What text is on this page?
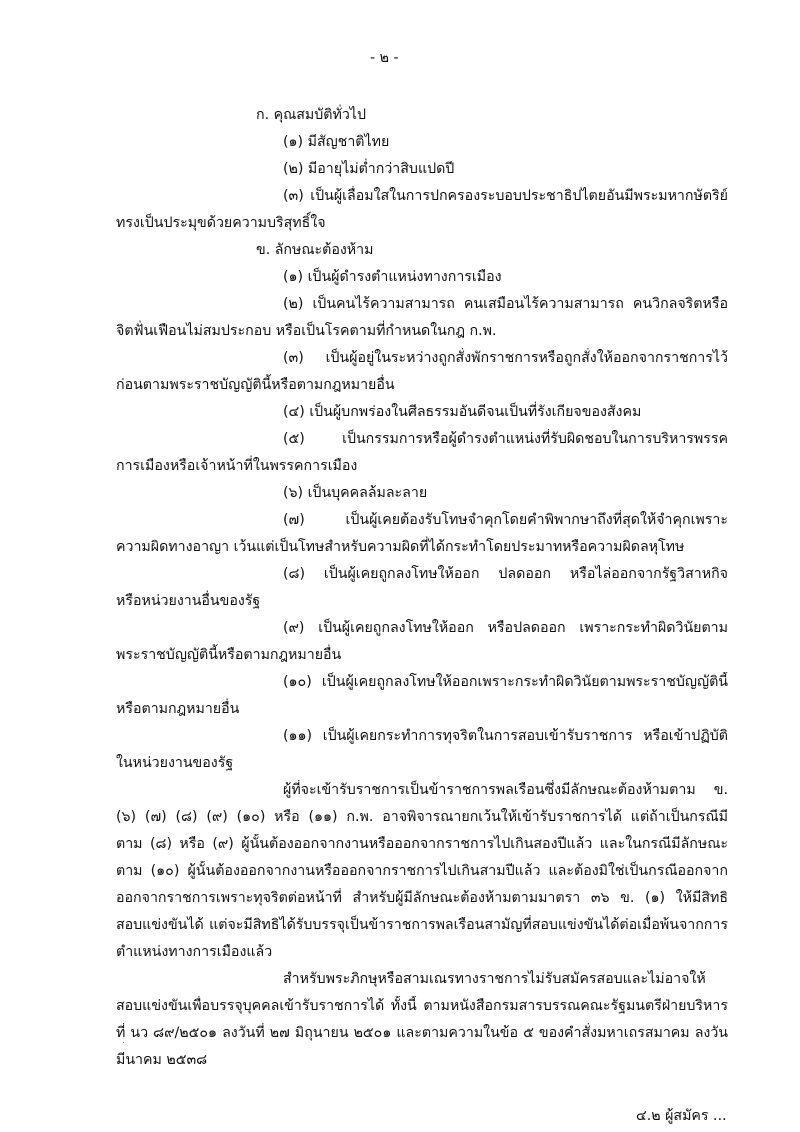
- ๒ -

ก. คุณสมบัติทั่วไป

(๑) มีสัญชาติไทย

(๒) มีอายุไม่ต่ำกว่าสิบแปดปี

(๓) เป็นผู้เลื่อมใสในการปกครองระบอบประชาธิปไตยอันมีพระมหากษัตริย์

ทรงเป็นประมุขด้วยความบริสุทธิ์ใจ

ข. ลักษณะต้องห้าม

(๑) เป็นผู้ดำรงตำแหน่งทางการเมือง

(๒) เป็นคนไร้ความสามารถ คนเสมือนไร้ความสามารถ คนวิกลจริตหรือ

จิตฟั่นเฟือนไม่สมประกอบ หรือเป็นโรคตามที่กำหนดในกฎ ก.พ.

(๓) เป็นผู้อยู่ในระหว่างถูกสั่งพักราชการหรือถูกสั่งให้ออกจากราชการไว้

ก่อนตามพระราชบัญญัตินี้หรือตามกฎหมายอื่น

(๔) เป็นผู้บกพร่องในศีลธรรมอันดีจนเป็นที่รังเกียจของสังคม

(๕) เป็นกรรมการหรือผู้ดำรงตำแหน่งที่รับผิดชอบในการบริหารพรรค

การเมืองหรือเจ้าหน้าที่ในพรรคการเมือง

(๖) เป็นบุคคลล้มละลาย

(๗) เป็นผู้เคยต้องรับโทษจำคุกโดยคำพิพากษาถึงที่สุดให้จำคุกเพราะ

ความผิดทางอาญา เว้นแต่เป็นโทษสำหรับความผิดที่ได้กระทำโดยประมาทหรือความผิดลหุโทษ

(๘) เป็นผู้เคยถูกลงโทษให้ออก ปลดออก หรือไล่ออกจากรัฐวิสาหกิจ

หรือหน่วยงานอื่นของรัฐ

(๙) เป็นผู้เคยถูกลงโทษให้ออก หรือปลดออก เพราะกระทำผิดวินัยตาม

พระราชบัญญัตินี้หรือตามกฎหมายอื่น

(๑๐) เป็นผู้เคยถูกลงโทษให้ออกเพราะกระทำผิดวินัยตามพระราชบัญญัตินี้

หรือตามกฎหมายอื่น

(๑๑) เป็นผู้เคยกระทำการทุจริตในการสอบเข้ารับราชการ หรือเข้าปฏิบัติ

ในหน่วยงานของรัฐ

ผู้ที่จะเข้ารับราชการเป็นข้าราชการพลเรือนซึ่งมีลักษณะต้องห้ามตาม ข.

(๖) (๗) (๘) (๙) (๑๐) หรือ (๑๑) ก.พ. อาจพิจารณายกเว้นให้เข้ารับราชการได้ แต่ถ้าเป็นกรณีมี

ตาม (๘) หรือ (๙) ผู้นั้นต้องออกจากงานหรือออกจากราชการไปเกินสองปีแล้ว และในกรณีมีลักษณะ

ตาม (๑๐) ผู้นั้นต้องออกจากงานหรือออกจากราชการไปเกินสามปีแล้ว และต้องมิใช่เป็นกรณีออกจาก

ออกจากราชการเพราะทุจริตต่อหน้าที่ สำหรับผู้มีลักษณะต้องห้ามตามมาตรา ๓๖ ข. (๑) ให้มีสิทธิ

สอบแข่งขันได้ แต่จะมีสิทธิได้รับบรรจุเป็นข้าราชการพลเรือนสามัญที่สอบแข่งขันได้ต่อเมื่อพ้นจากการ

ตำแหน่งทางการเมืองแล้ว

สำหรับพระภิกษุหรือสามเณรทางราชการไม่รับสมัครสอบและไม่อาจให้

สอบแข่งขันเพื่อบรรจุบุคคลเข้ารับราชการได้ ทั้งนี้ ตามหนังสือกรมสารบรรณคณะรัฐมนตรีฝ่ายบริหาร

ที่ นว ๘๙/๒๕๐๑ ลงวันที่ ๒๗ มิถุนายน ๒๕๐๑ และตามความในข้อ ๕ ของคำสั่งมหาเถรสมาคม ลงวัน

มีนาคม ๒๕๓๘

๔.๒ ผู้สมัคร ...
